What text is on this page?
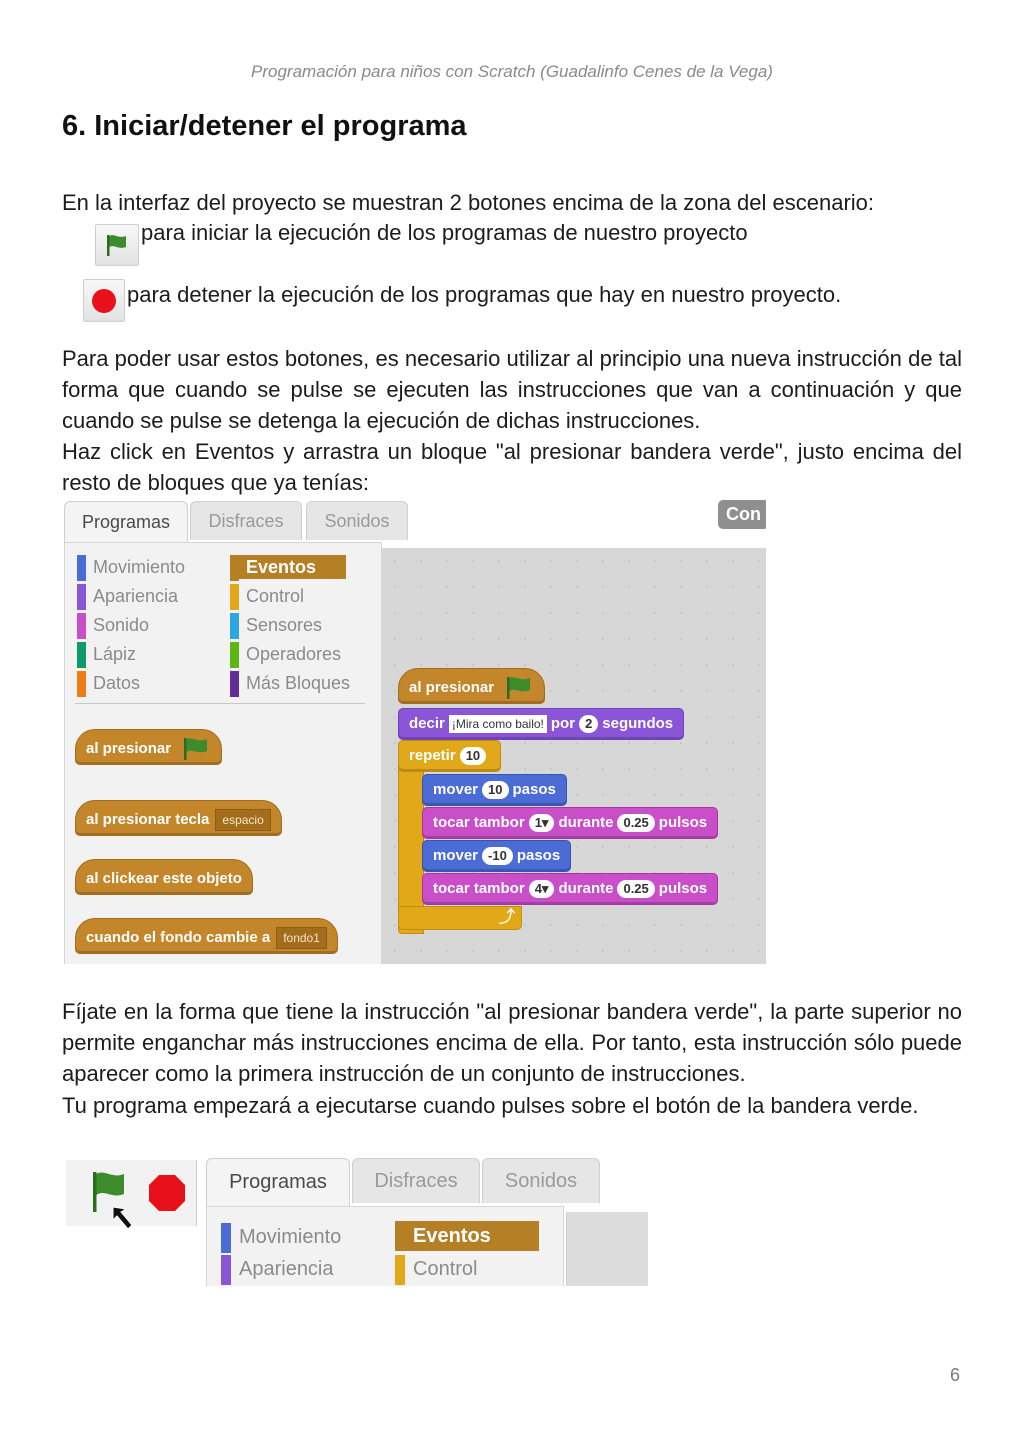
Programación para niños con Scratch (Guadalinfo Cenes de la Vega)
6. Iniciar/detener el programa

En la interfaz del proyecto se muestran 2 botones encima de la zona del escenario:

para iniciar la ejecución de los programas de nuestro proyecto
para detener la ejecución de los programas que hay en nuestro proyecto.

Para poder usar estos botones, es necesario utilizar al principio una nueva instrucción de tal forma que cuando se pulse se ejecuten las instrucciones que van a continuación y que cuando se pulse se detenga la ejecución de dichas instrucciones.

Haz click en Eventos y arrastra un bloque "al presionar bandera verde", justo encima del resto de bloques que ya tenías:

Programas	Disfraces	Sonidos	Con
Movimiento
Apariencia
Sonido
Lápiz
Datos
Eventos
Control
Sensores
Operadores
Más Bloques
al presionar
al presionar tecla espacio
al clickear este objeto
cuando el fondo cambie a fondo1
al presionar
decir ¡Mira como bailo! por 2 segundos
repetir 10
mover 10 pasos
tocar tambor 1▾ durante 0.25 pulsos
mover -10 pasos
tocar tambor 4▾ durante 0.25 pulsos
⤴

Fíjate en la forma que tiene la instrucción "al presionar bandera verde", la parte superior no permite enganchar más instrucciones encima de ella. Por tanto, esta instrucción sólo puede aparecer como la primera instrucción de un conjunto de instrucciones.

Tu programa empezará a ejecutarse cuando pulses sobre el botón de la bandera verde.

Programas	Disfraces	Sonidos
Movimiento
Apariencia
Eventos
Control
6
